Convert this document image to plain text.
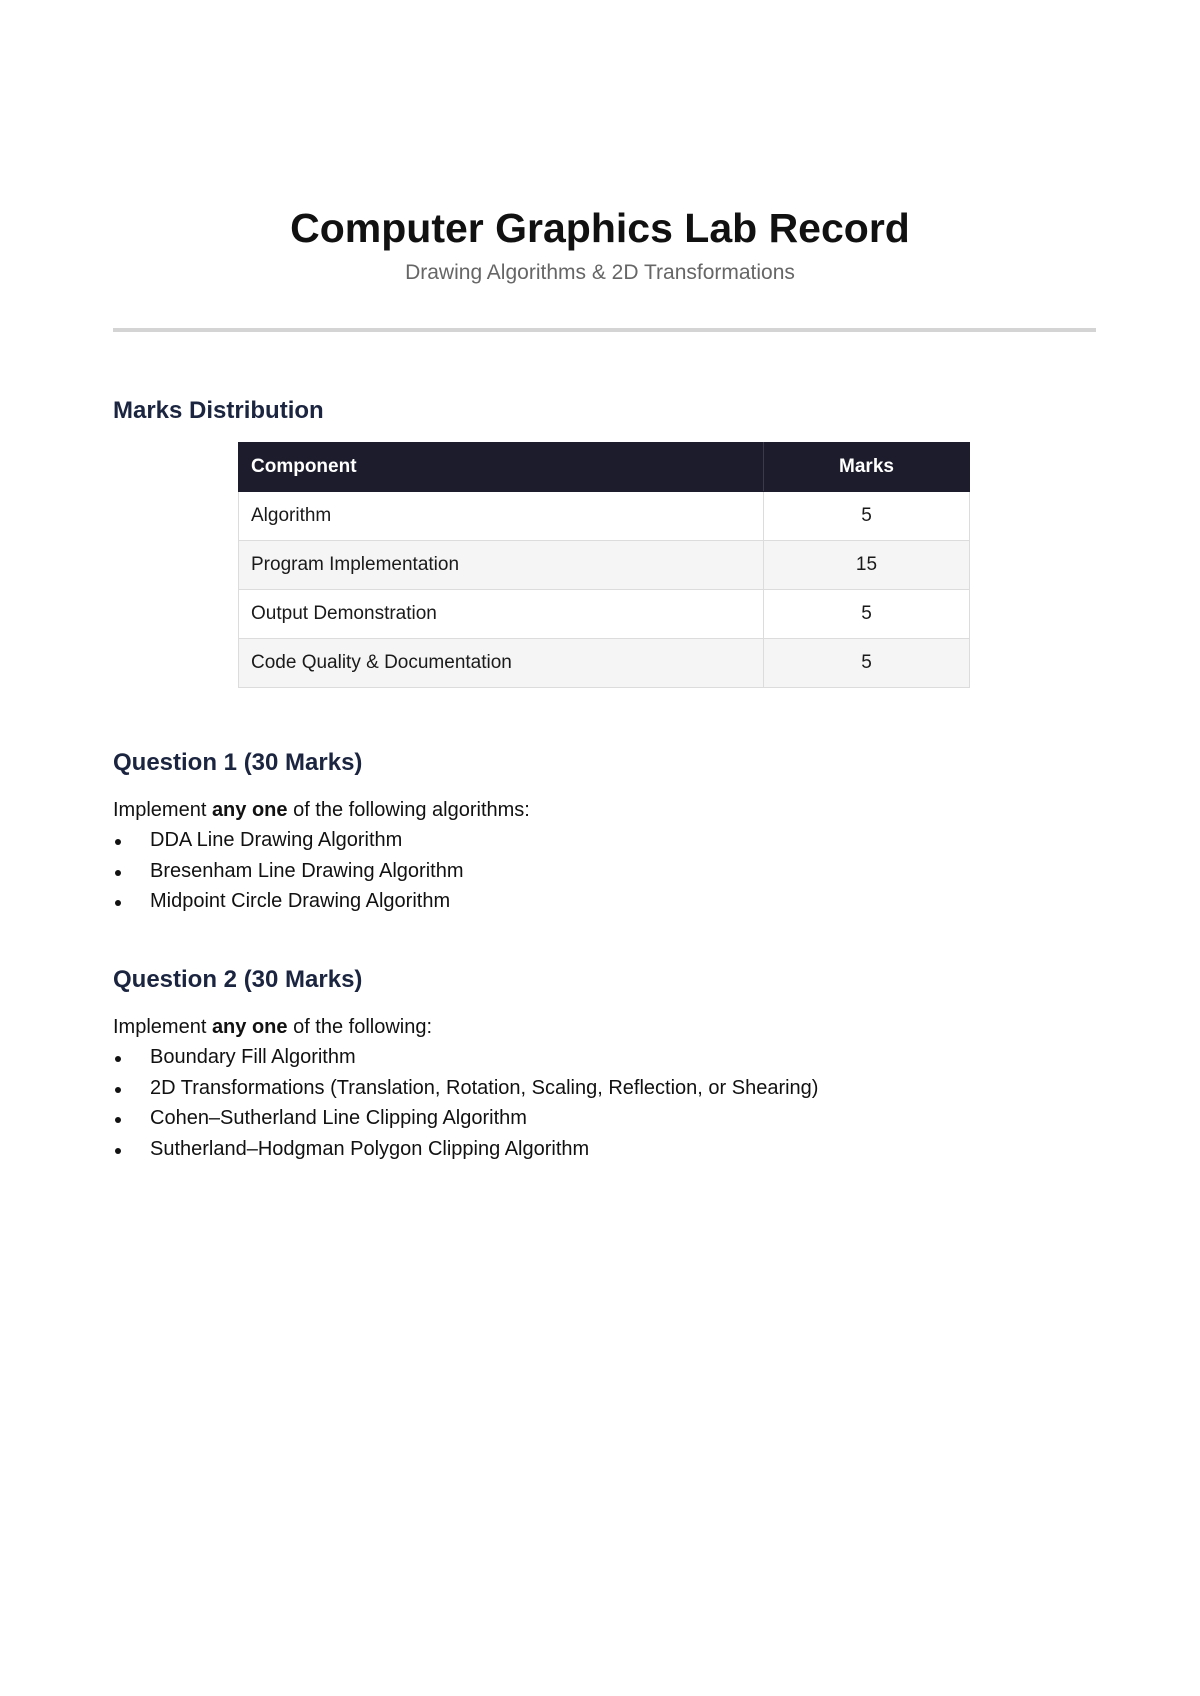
Computer Graphics Lab Record
Drawing Algorithms & 2D Transformations
Marks Distribution
Component	Marks
Algorithm	5
Program Implementation	15
Output Demonstration	5
Code Quality & Documentation	5
Question 1 (30 Marks)

Implement any one of the following algorithms:

DDA Line Drawing Algorithm
Bresenham Line Drawing Algorithm
Midpoint Circle Drawing Algorithm
Question 2 (30 Marks)

Implement any one of the following:

Boundary Fill Algorithm
2D Transformations (Translation, Rotation, Scaling, Reflection, or Shearing)
Cohen–Sutherland Line Clipping Algorithm
Sutherland–Hodgman Polygon Clipping Algorithm
